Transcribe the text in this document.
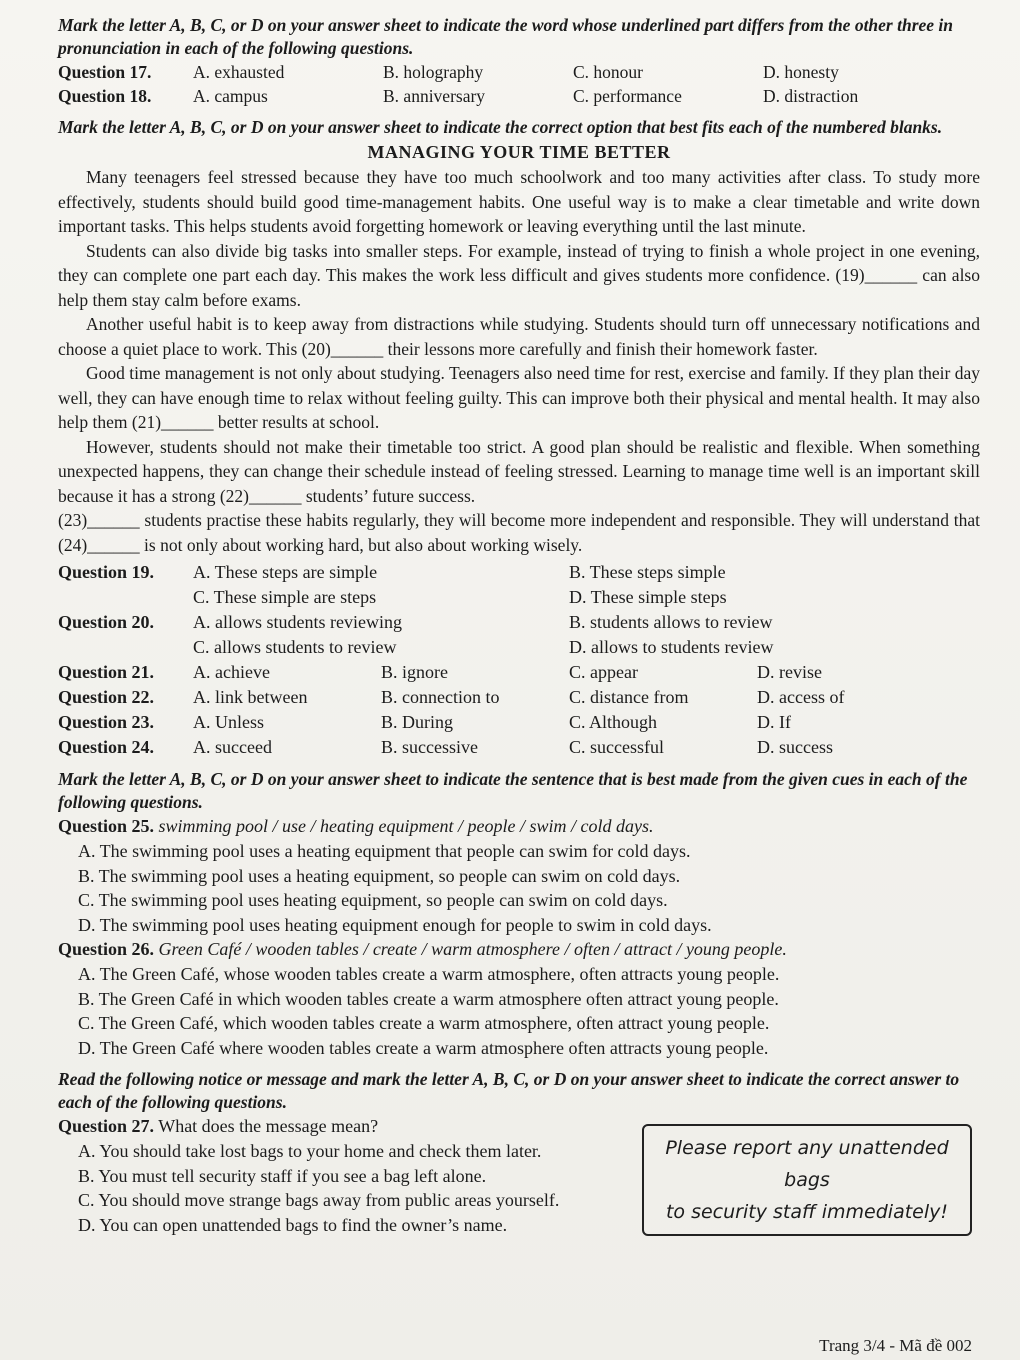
Mark the letter A, B, C, or D on your answer sheet to indicate the word whose underlined part differs from the other three in pronunciation in each of the following questions.

Question 17.	A. exhausted	B. holography	C. honour	D. honesty
Question 18.	A. campus	B. anniversary	C. performance	D. distraction

Mark the letter A, B, C, or D on your answer sheet to indicate the correct option that best fits each of the numbered blanks.

MANAGING YOUR TIME BETTER

Many teenagers feel stressed because they have too much schoolwork and too many activities after class. To study more effectively, students should build good time-management habits. One useful way is to make a clear timetable and write down important tasks. This helps students avoid forgetting homework or leaving everything until the last minute.

Students can also divide big tasks into smaller steps. For example, instead of trying to finish a whole project in one evening, they can complete one part each day. This makes the work less difficult and gives students more confidence. (19)______ can also help them stay calm before exams.

Another useful habit is to keep away from distractions while studying. Students should turn off unnecessary notifications and choose a quiet place to work. This (20)______ their lessons more carefully and finish their homework faster.

Good time management is not only about studying. Teenagers also need time for rest, exercise and family. If they plan their day well, they can have enough time to relax without feeling guilty. This can improve both their physical and mental health. It may also help them (21)______ better results at school.

However, students should not make their timetable too strict. A good plan should be realistic and flexible. When something unexpected happens, they can change their schedule instead of feeling stressed. Learning to manage time well is an important skill because it has a strong (22)______ students’ future success.

(23)______ students practise these habits regularly, they will become more independent and responsible. They will understand that (24)______ is not only about working hard, but also about working wisely.

Question 19.	A. These steps are simple	B. These steps simple
C. These simple are steps	D. These simple steps
Question 20.	A. allows students reviewing	B. students allows to review
C. allows students to review	D. allows to students review
Question 21.	A. achieve	B. ignore	C. appear	D. revise
Question 22.	A. link between	B. connection to	C. distance from	D. access of
Question 23.	A. Unless	B. During	C. Although	D. If
Question 24.	A. succeed	B. successive	C. successful	D. success

Mark the letter A, B, C, or D on your answer sheet to indicate the sentence that is best made from the given cues in each of the following questions.

Question 25. swimming pool / use / heating equipment / people / swim / cold days.

A. The swimming pool uses a heating equipment that people can swim for cold days.

B. The swimming pool uses a heating equipment, so people can swim on cold days.

C. The swimming pool uses heating equipment, so people can swim on cold days.

D. The swimming pool uses heating equipment enough for people to swim in cold days.

Question 26. Green Café / wooden tables / create / warm atmosphere / often / attract / young people.

A. The Green Café, whose wooden tables create a warm atmosphere, often attracts young people.

B. The Green Café in which wooden tables create a warm atmosphere often attract young people.

C. The Green Café, which wooden tables create a warm atmosphere, often attract young people.

D. The Green Café where wooden tables create a warm atmosphere often attracts young people.

Read the following notice or message and mark the letter A, B, C, or D on your answer sheet to indicate the correct answer to each of the following questions.

Question 27. What does the message mean?

A. You should take lost bags to your home and check them later.

B. You must tell security staff if you see a bag left alone.

C. You should move strange bags away from public areas yourself.

D. You can open unattended bags to find the owner’s name.

Please report any unattended bags
to security staff immediately!
Trang 3/4 - Mã đề 002
